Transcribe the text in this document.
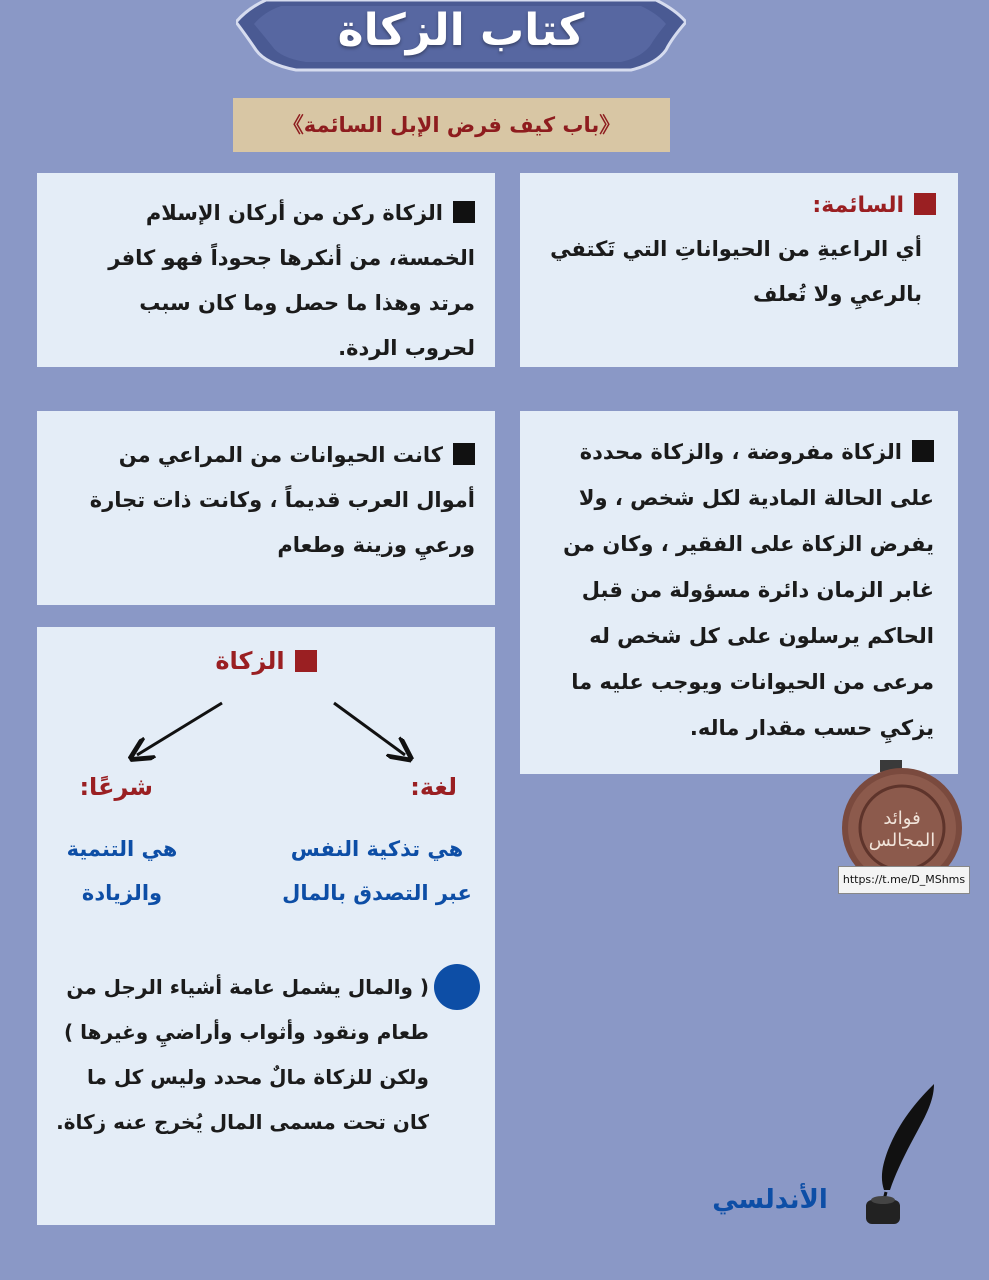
كتاب الزكاة
《باب كيف فرض الإبل السائمة》
السائمة:

أي الراعيةِ من الحيواناتِ التي تَكتفي بالرعيِ ولا تُعلف

الزكاة ركن من أركان الإسلام الخمسة، من أنكرها جحوداً فهو كافر مرتد وهذا ما حصل وما كان سبب لحروب الردة.

كانت الحيوانات من المراعي من أموال العرب قديماً ، وكانت ذات تجارة ورعيِ وزينة وطعام

الزكاة مفروضة ، والزكاة محددة على الحالة المادية لكل شخص ، ولا يفرض الزكاة على الفقير ، وكان من غابر الزمان دائرة مسؤولة من قبل الحاكم يرسلون على كل شخص له مرعى من الحيوانات ويوجب عليه ما يزكيِ حسب مقدار ماله.

الزكاة
لغة:
شرعًا:
هي تذكية النفس
عبر التصدق بالمال
هي التنمية
والزيادة

( والمال يشمل عامة أشياء الرجل من طعام ونقود وأثواب وأراضيِ وغيرها ) ولكن للزكاة مالٌ محدد وليس كل ما كان تحت مسمى المال يُخرج عنه زكاة.

فوائد
المجالس
https://t.me/D_MShms
الأندلسي
